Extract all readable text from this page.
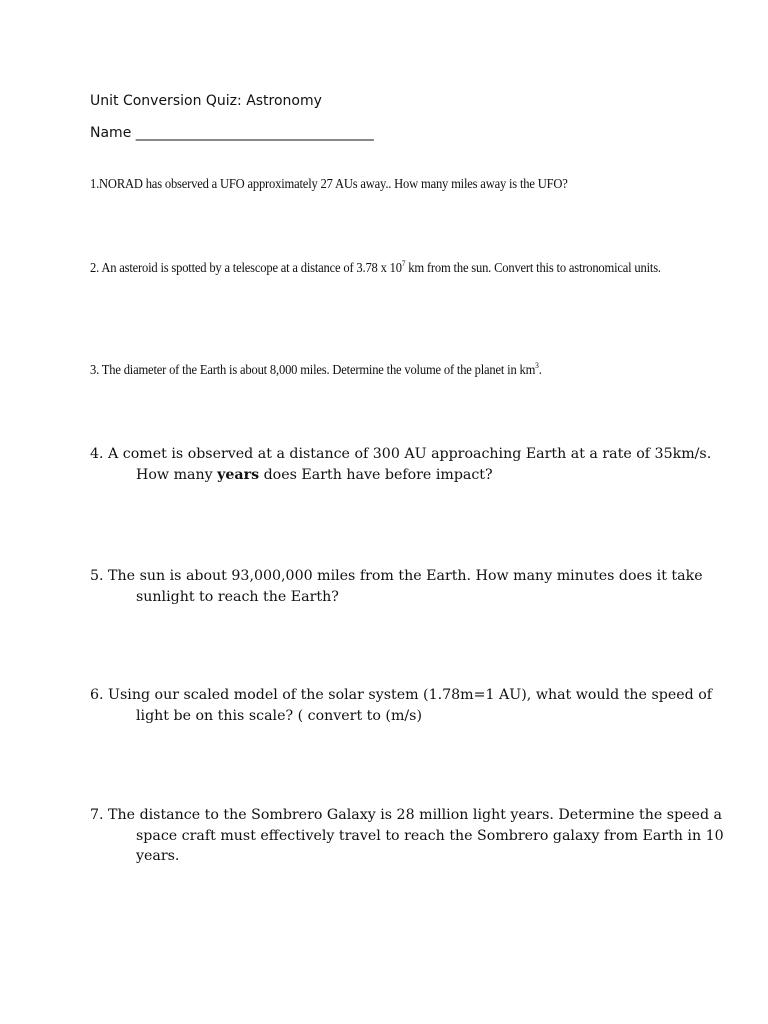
Unit Conversion Quiz: Astronomy

Name __________________________________

1.NORAD has observed a UFO approximately 27 AUs away.. How many miles away is the UFO?

2. An asteroid is spotted by a telescope at a distance of 3.78 x $10^7$ km from the sun. Convert this to astronomical units.

3. The diameter of the Earth is about 8,000 miles. Determine the volume of the planet in $km^3$.

4. A comet is observed at a distance of 300 AU approaching Earth at a rate of 35km/s. How many years does Earth have before impact?

5. The sun is about 93,000,000 miles from the Earth. How many minutes does it take sunlight to reach the Earth?

6. Using our scaled model of the solar system (1.78m=1 AU), what would the speed of light be on this scale? ( convert to (m/s)

7. The distance to the Sombrero Galaxy is 28 million light years. Determine the speed a space craft must effectively travel to reach the Sombrero galaxy from Earth in 10 years.
